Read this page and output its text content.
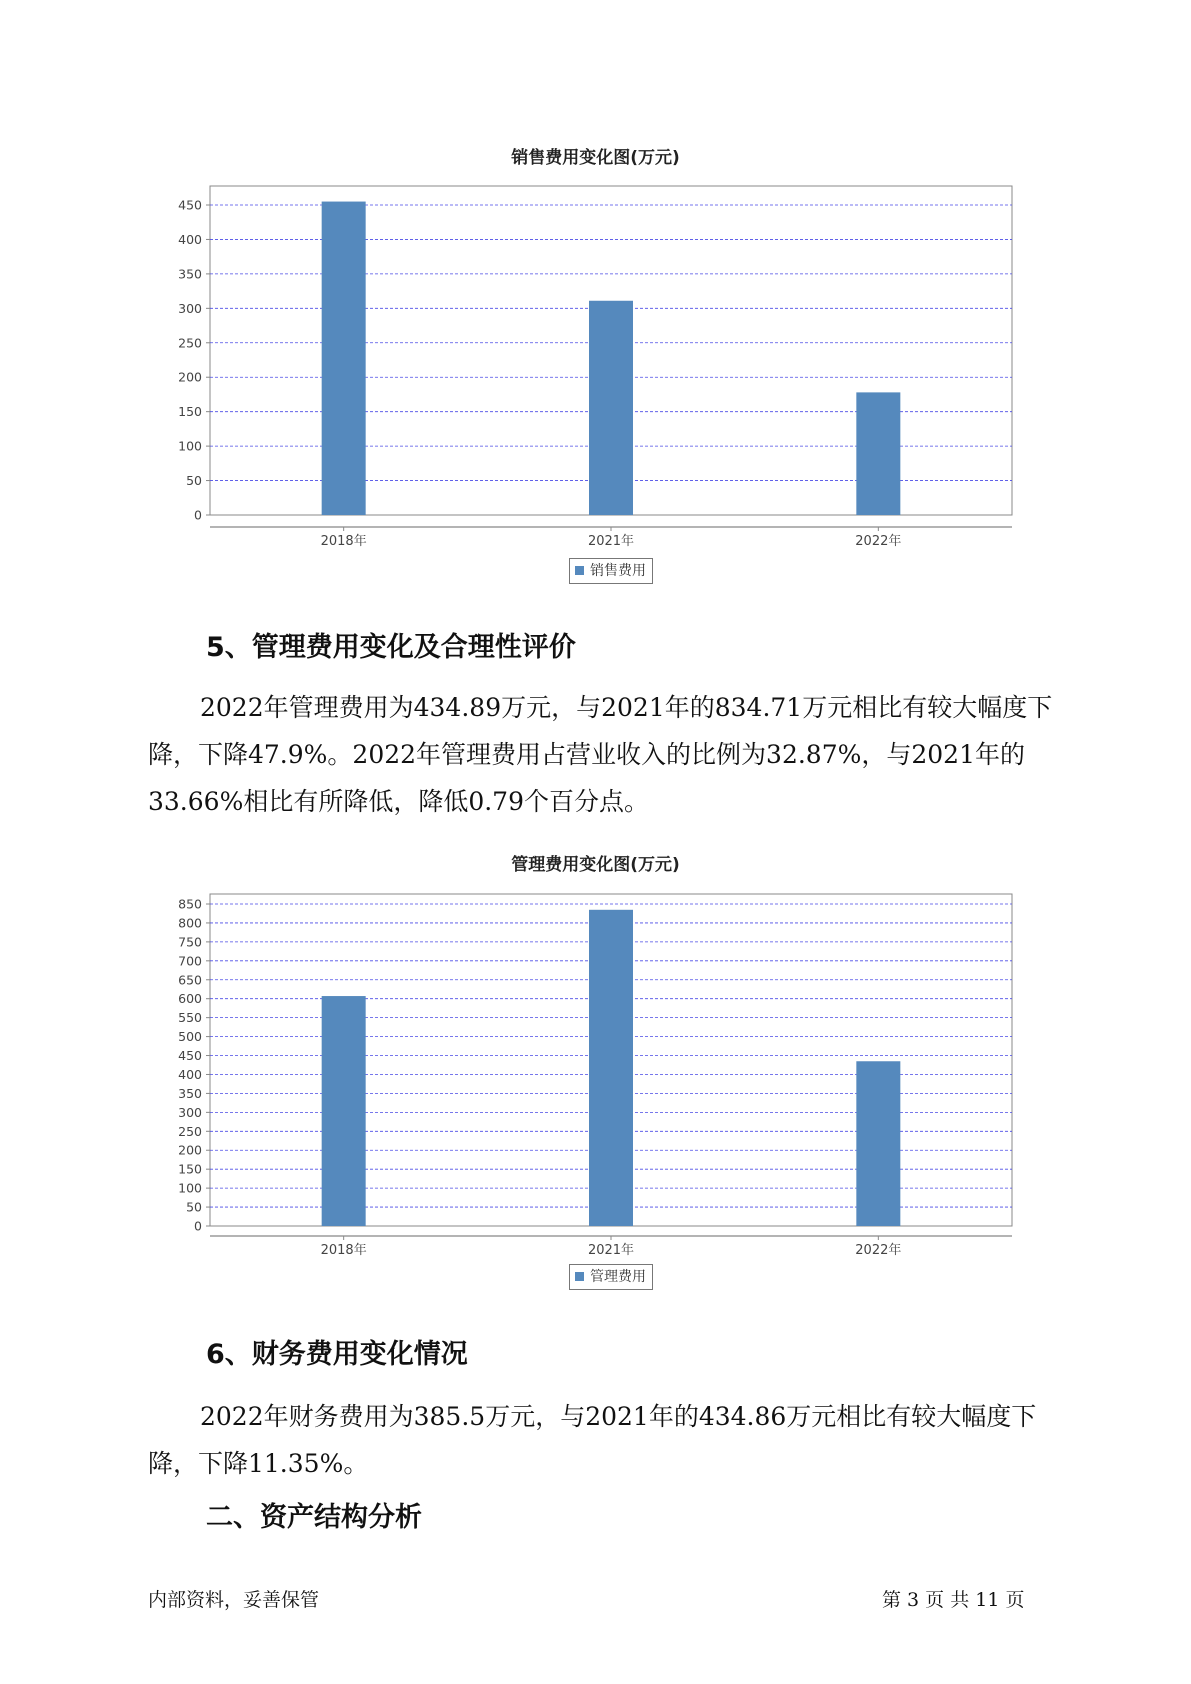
销售费用变化图(万元)
0
50
100
150
200
250
300
350
400
450
2018年	2021年	2022年
销售费用
5、管理费用变化及合理性评价

2022年管理费用为434.89万元，与2021年的834.71万元相比有较大幅度下降，下降47.9%。2022年管理费用占营业收入的比例为32.87%，与2021年的33.66%相比有所降低，降低0.79个百分点。

管理费用变化图(万元)
0
50
100
150
200
250
300
350
400
450
500
550
600
650
700
750
800
850
2018年	2021年	2022年
管理费用
6、财务费用变化情况

2022年财务费用为385.5万元，与2021年的434.86万元相比有较大幅度下降，下降11.35%。

二、资产结构分析
内部资料，妥善保管	第 3 页 共 11 页
